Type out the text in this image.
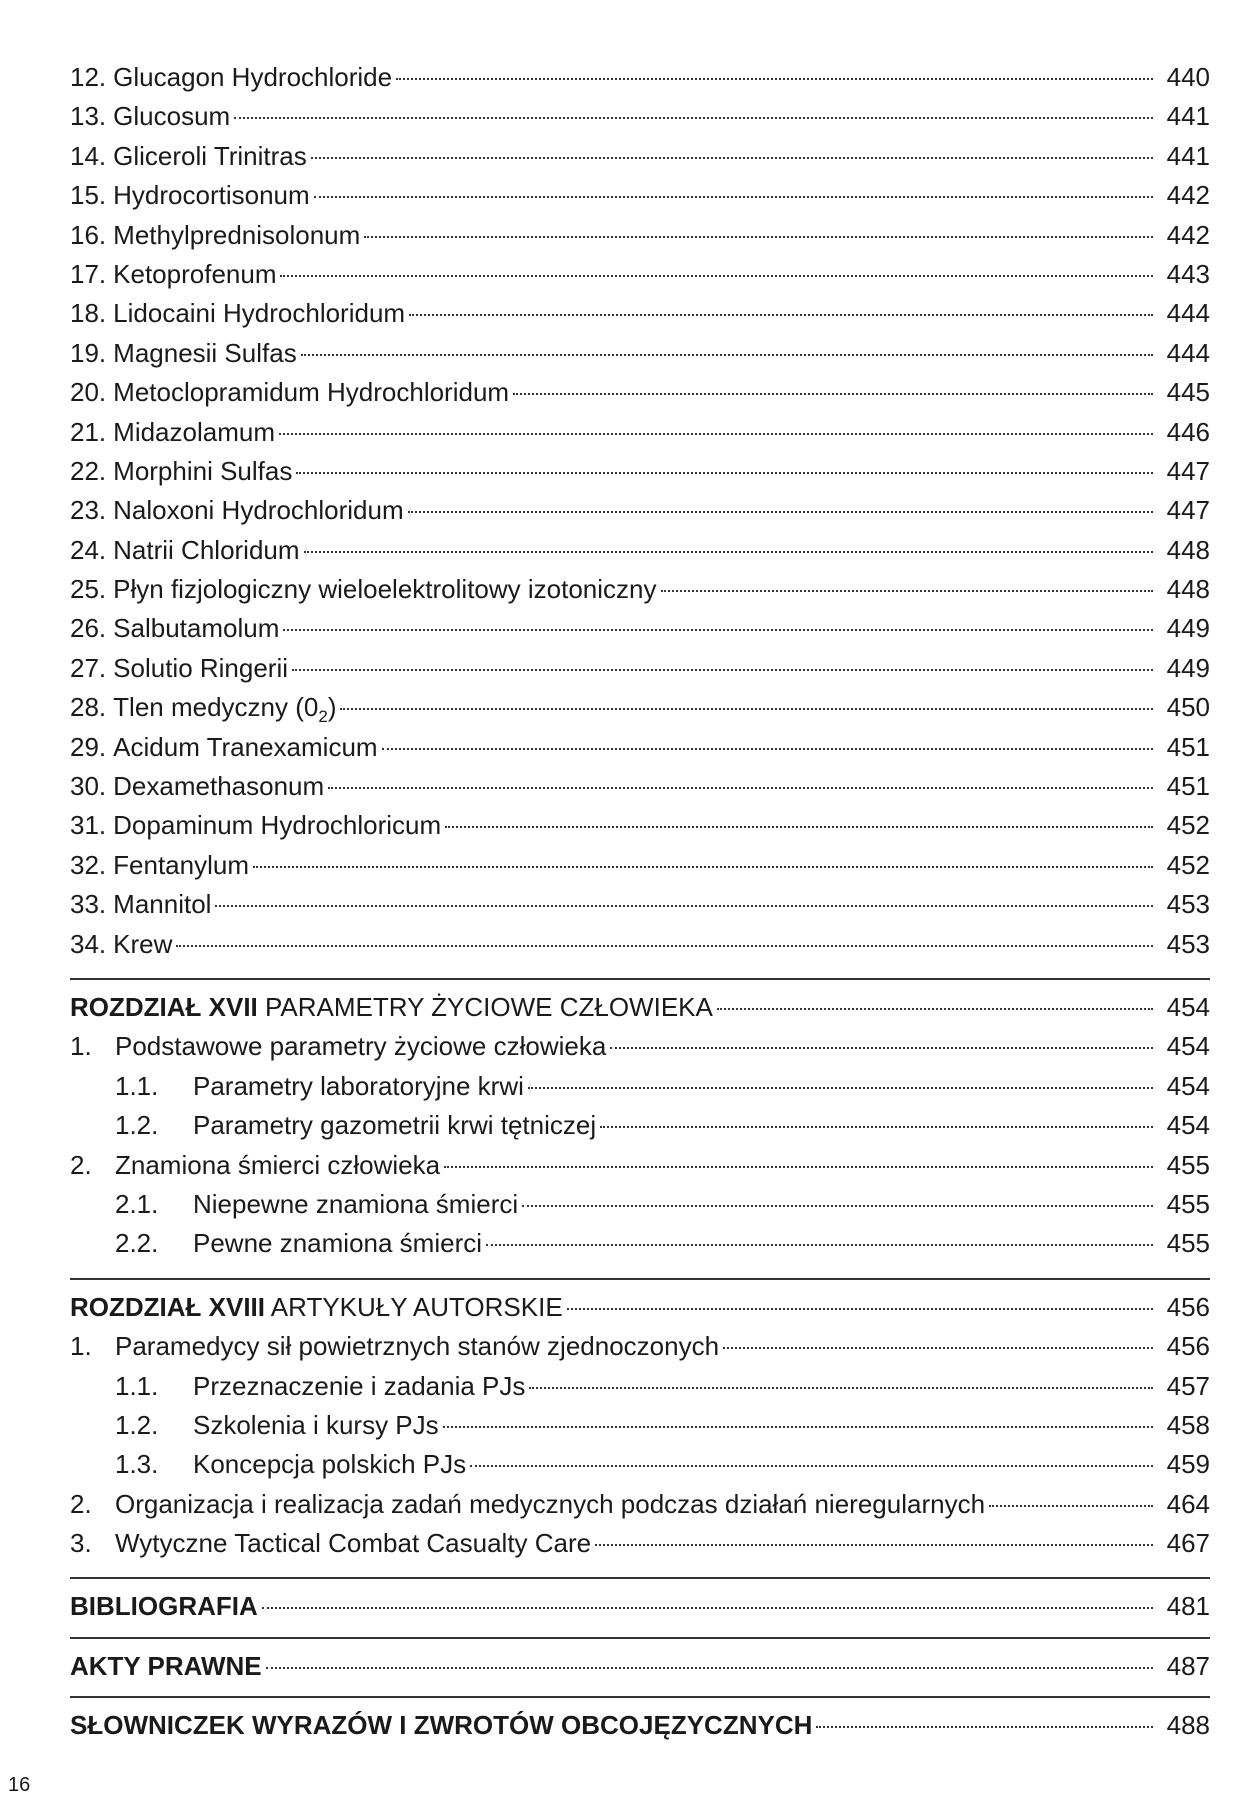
12. Glucagon Hydrochloride	440
13. Glucosum	441
14. Gliceroli Trinitras	441
15. Hydrocortisonum	442
16. Methylprednisolonum	442
17. Ketoprofenum	443
18. Lidocaini Hydrochloridum	444
19. Magnesii Sulfas	444
20. Metoclopramidum Hydrochloridum	445
21. Midazolamum	446
22. Morphini Sulfas	447
23. Naloxoni Hydrochloridum	447
24. Natrii Chloridum	448
25. Płyn fizjologiczny wieloelektrolitowy izotoniczny	448
26. Salbutamolum	449
27. Solutio Ringerii	449
28. Tlen medyczny $(0_2)$	450
29. Acidum Tranexamicum	451
30. Dexamethasonum	451
31. Dopaminum Hydrochloricum	452
32. Fentanylum	452
33. Mannitol	453
34. Krew	453
ROZDZIAŁ XVII PARAMETRY ŻYCIOWE CZŁOWIEKA	454
1. Podstawowe parametry życiowe człowieka	454
1.1.	Parametry laboratoryjne krwi	454
1.2.	Parametry gazometrii krwi tętniczej	454
2. Znamiona śmierci człowieka	455
2.1.	Niepewne znamiona śmierci	455
2.2.	Pewne znamiona śmierci	455
ROZDZIAŁ XVIII ARTYKUŁY AUTORSKIE	456
1. Paramedycy sił powietrznych stanów zjednoczonych	456
1.1.	Przeznaczenie i zadania PJs	457
1.2.	Szkolenia i kursy PJs	458
1.3.	Koncepcja polskich PJs	459
2. Organizacja i realizacja zadań medycznych podczas działań nieregularnych	464
3. Wytyczne Tactical Combat Casualty Care	467
BIBLIOGRAFIA	481
AKTY PRAWNE	487
SŁOWNICZEK WYRAZÓW I ZWROTÓW OBCOJĘZYCZNYCH	488
16
